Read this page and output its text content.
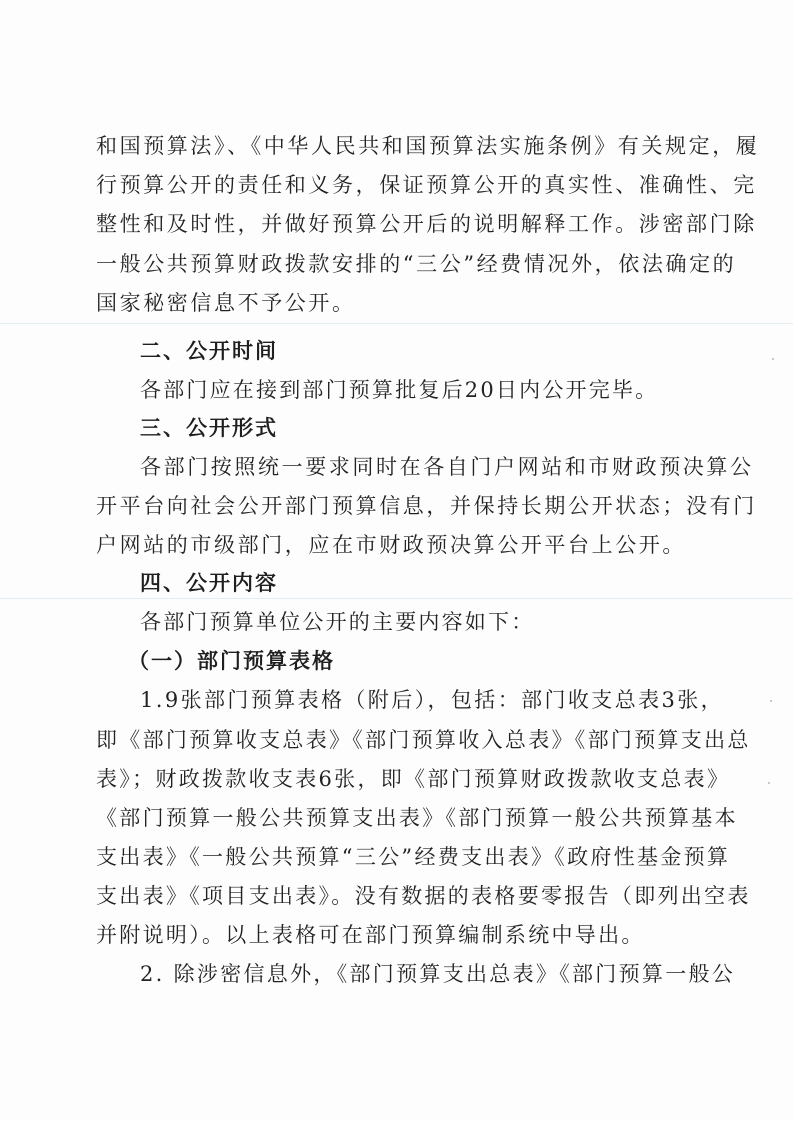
和国预算法》、《中华人民共和国预算法实施条例》有关规定，履

行预算公开的责任和义务，保证预算公开的真实性、准确性、完

整性和及时性，并做好预算公开后的说明解释工作。涉密部门除

一般公共预算财政拨款安排的“三公”经费情况外，依法确定的

国家秘密信息不予公开。

二、公开时间

各部门应在接到部门预算批复后20日内公开完毕。

三、公开形式

各部门按照统一要求同时在各自门户网站和市财政预决算公

开平台向社会公开部门预算信息，并保持长期公开状态；没有门

户网站的市级部门，应在市财政预决算公开平台上公开。

四、公开内容

各部门预算单位公开的主要内容如下：

（一）部门预算表格

1.9张部门预算表格（附后），包括：部门收支总表3张，

即《部门预算收支总表》《部门预算收入总表》《部门预算支出总

表》；财政拨款收支表6张，即《部门预算财政拨款收支总表》

《部门预算一般公共预算支出表》《部门预算一般公共预算基本

支出表》《一般公共预算“三公”经费支出表》《政府性基金预算

支出表》《项目支出表》。没有数据的表格要零报告（即列出空表

并附说明）。以上表格可在部门预算编制系统中导出。

2. 除涉密信息外，《部门预算支出总表》《部门预算一般公
